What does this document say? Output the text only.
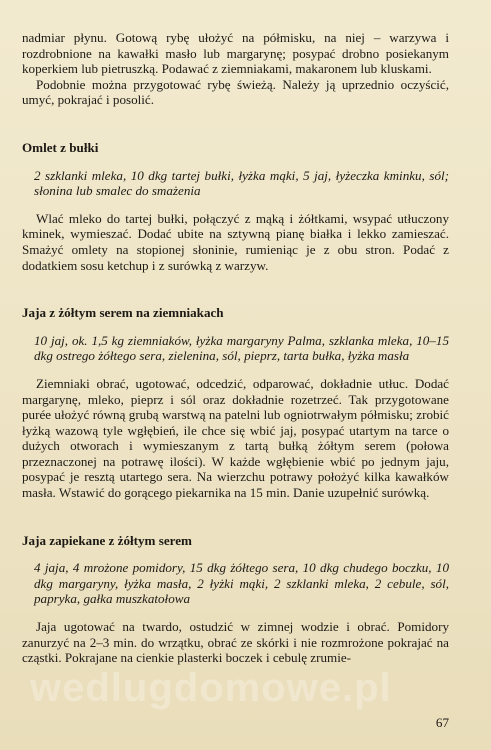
nadmiar płynu. Gotową rybę ułożyć na półmisku, na niej – warzywa i rozdrobnione na kawałki masło lub margarynę; posypać drobno posiekanym koperkiem lub pietruszką. Podawać z ziemniakami, makaronem lub kluskami.

Podobnie można przygotować rybę świeżą. Należy ją uprzednio oczyścić, umyć, pokrajać i posolić.

Omlet z bułki

2 szklanki mleka, 10 dkg tartej bułki, łyżka mąki, 5 jaj, łyżeczka kminku, sól; słonina lub smalec do smażenia

Wlać mleko do tartej bułki, połączyć z mąką i żółtkami, wsypać utłuczony kminek, wymieszać. Dodać ubite na sztywną pianę białka i lekko zamieszać. Smażyć omlety na stopionej słoninie, rumieniąc je z obu stron. Podać z dodatkiem sosu ketchup i z surówką z warzyw.

Jaja z żółtym serem na ziemniakach

10 jaj, ok. 1,5 kg ziemniaków, łyżka margaryny Palma, szklanka mleka, 10–15 dkg ostrego żółtego sera, zielenina, sól, pieprz, tarta bułka, łyżka masła

Ziemniaki obrać, ugotować, odcedzić, odparować, dokładnie utłuc. Dodać margarynę, mleko, pieprz i sól oraz dokładnie rozetrzeć. Tak przygotowane purée ułożyć równą grubą warstwą na patelni lub ogniotrwałym półmisku; zrobić łyżką wazową tyle wgłębień, ile chce się wbić jaj, posypać utartym na tarce o dużych otworach i wymieszanym z tartą bułką żółtym serem (połowa przeznaczonej na potrawę ilości). W każde wgłębienie wbić po jednym jaju, posypać je resztą utartego sera. Na wierzchu potrawy położyć kilka kawałków masła. Wstawić do gorącego piekarnika na 15 min. Danie uzupełnić surówką.

Jaja zapiekane z żółtym serem

4 jaja, 4 mrożone pomidory, 15 dkg żółtego sera, 10 dkg chudego boczku, 10 dkg margaryny, łyżka masła, 2 łyżki mąki, 2 szklanki mleka, 2 cebule, sól, papryka, gałka muszkatołowa

Jaja ugotować na twardo, ostudzić w zimnej wodzie i obrać. Pomidory zanurzyć na 2–3 min. do wrzątku, obrać ze skórki i nie rozmrożone pokrajać na cząstki. Pokrajane na cienkie plasterki boczek i cebulę zrumie-

wedlugdomowe.pl
67
